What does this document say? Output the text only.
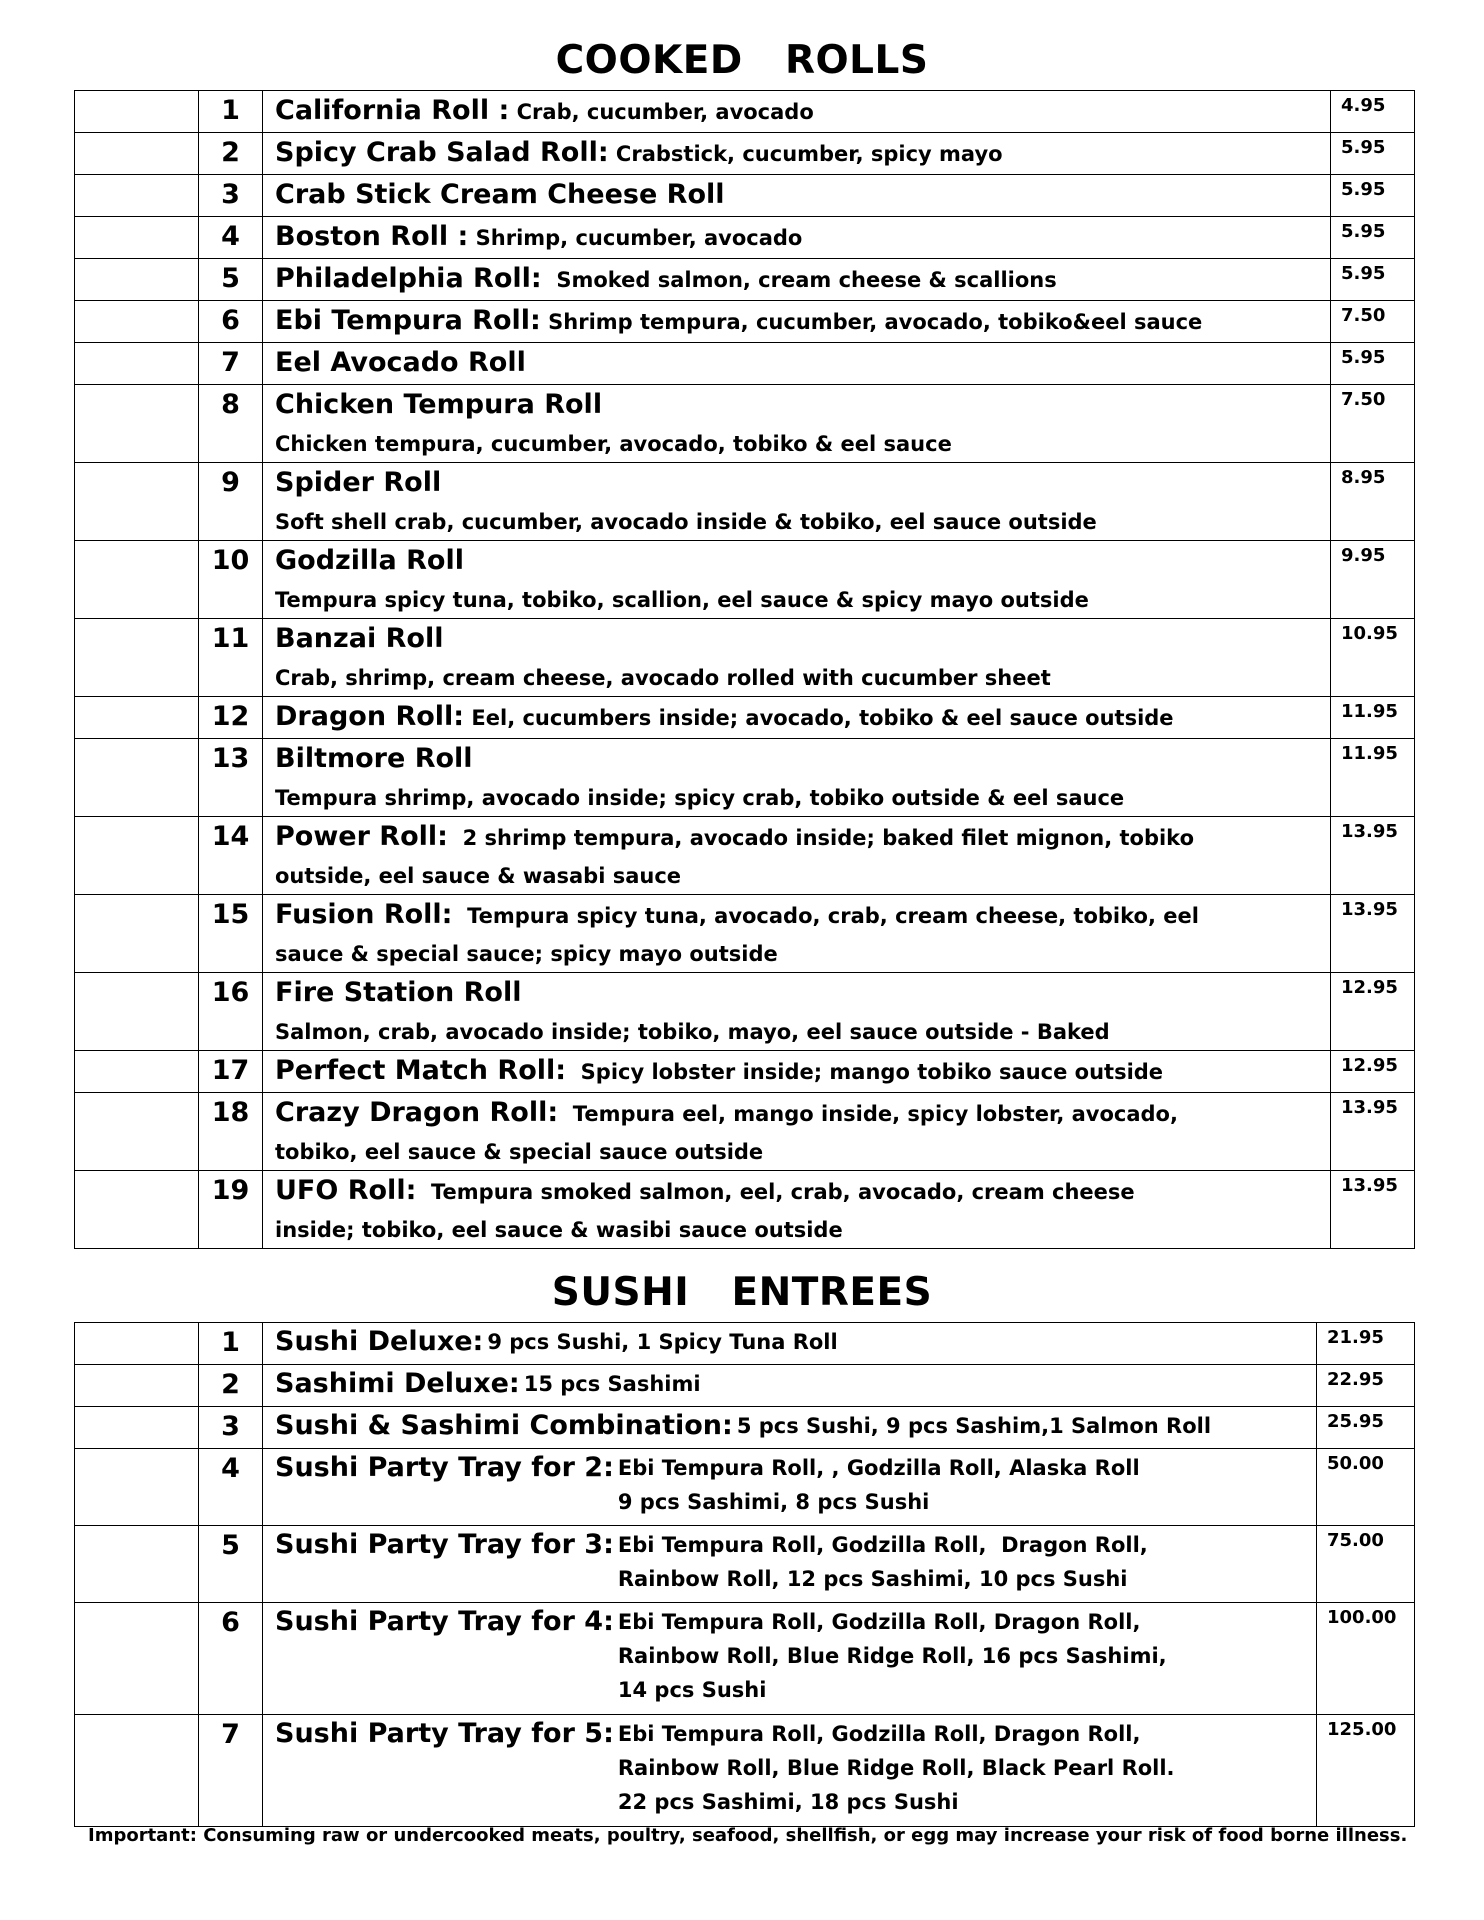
COOKED   ROLLS
	1	California Roll : Crab, cucumber, avocado	4.95
	2	Spicy Crab Salad Roll: Crabstick, cucumber, spicy mayo	5.95
	3	Crab Stick Cream Cheese Roll	5.95
	4	Boston Roll : Shrimp, cucumber, avocado	5.95
	5	Philadelphia Roll:  Smoked salmon, cream cheese & scallions	5.95
	6	Ebi Tempura Roll: Shrimp tempura, cucumber, avocado, tobiko&eel sauce	7.50
	7	Eel Avocado Roll	5.95
	8	Chicken Tempura Roll
Chicken tempura, cucumber, avocado, tobiko & eel sauce	7.50
	9	Spider Roll
Soft shell crab, cucumber, avocado inside & tobiko, eel sauce outside	8.95
	10	Godzilla Roll
Tempura spicy tuna, tobiko, scallion, eel sauce & spicy mayo outside	9.95
	11	Banzai Roll
Crab, shrimp, cream cheese, avocado rolled with cucumber sheet	10.95
	12	Dragon Roll: Eel, cucumbers inside; avocado, tobiko & eel sauce outside	11.95
	13	Biltmore Roll
Tempura shrimp, avocado inside; spicy crab, tobiko outside & eel sauce	11.95
	14	Power Roll:  2 shrimp tempura, avocado inside; baked filet mignon, tobiko
outside, eel sauce & wasabi sauce	13.95
	15	Fusion Roll:  Tempura spicy tuna, avocado, crab, cream cheese, tobiko, eel
sauce & special sauce; spicy mayo outside	13.95
	16	Fire Station Roll
Salmon, crab, avocado inside; tobiko, mayo, eel sauce outside - Baked	12.95
	17	Perfect Match Roll:  Spicy lobster inside; mango tobiko sauce outside	12.95
	18	Crazy Dragon Roll:  Tempura eel, mango inside, spicy lobster, avocado,
tobiko, eel sauce & special sauce outside	13.95
	19	UFO Roll:  Tempura smoked salmon, eel, crab, avocado, cream cheese
inside; tobiko, eel sauce & wasibi sauce outside	13.95
SUSHI   ENTREES
	1	Sushi Deluxe: 9 pcs Sushi, 1 Spicy Tuna Roll	21.95
	2	Sashimi Deluxe: 15 pcs Sashimi	22.95
	3	Sushi & Sashimi Combination: 5 pcs Sushi, 9 pcs Sashim,1 Salmon Roll	25.95
	4	Sushi Party Tray for 2: Ebi Tempura Roll, , Godzilla Roll, Alaska Roll
9 pcs Sashimi, 8 pcs Sushi	50.00
	5	Sushi Party Tray for 3: Ebi Tempura Roll, Godzilla Roll,  Dragon Roll,
Rainbow Roll, 12 pcs Sashimi, 10 pcs Sushi	75.00
	6	Sushi Party Tray for 4: Ebi Tempura Roll, Godzilla Roll, Dragon Roll,
Rainbow Roll, Blue Ridge Roll, 16 pcs Sashimi,
14 pcs Sushi	100.00
	7	Sushi Party Tray for 5: Ebi Tempura Roll, Godzilla Roll, Dragon Roll,
Rainbow Roll, Blue Ridge Roll, Black Pearl Roll.
22 pcs Sashimi, 18 pcs Sushi	125.00
Important: Consuming raw or undercooked meats, poultry, seafood, shellfish, or egg may increase your risk of food borne illness.
